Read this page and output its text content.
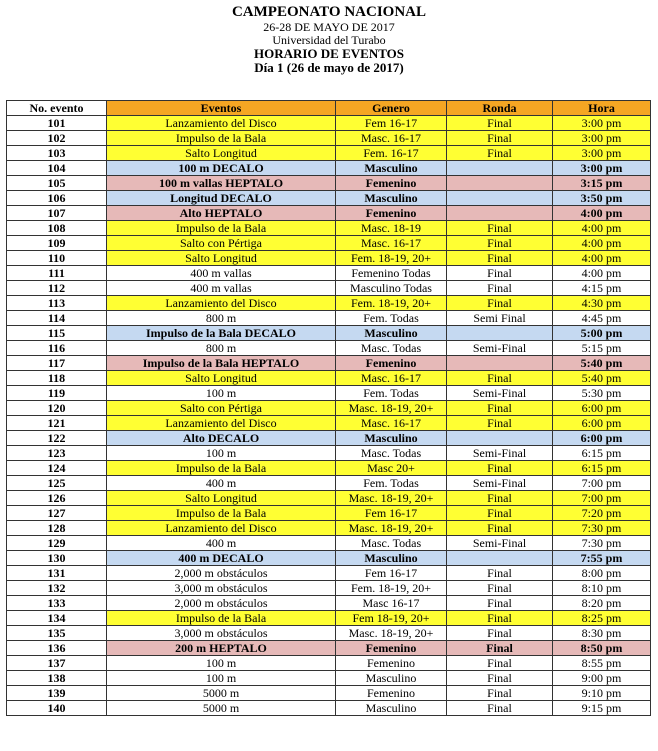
CAMPEONATO NACIONAL
26-28 DE MAYO DE 2017
Universidad del Turabo
HORARIO DE EVENTOS
Día 1 (26 de mayo de 2017)
No. evento	Eventos	Genero	Ronda	Hora
101	Lanzamiento del Disco	Fem 16-17	Final	3:00 pm
102	Impulso de la Bala	Masc. 16-17	Final	3:00 pm
103	Salto Longitud	Fem. 16-17	Final	3:00 pm
104	100 m DECALO	Masculino		3:00 pm
105	100 m vallas HEPTALO	Femenino		3:15 pm
106	Longitud DECALO	Masculino		3:50 pm
107	Alto HEPTALO	Femenino		4:00 pm
108	Impulso de la Bala	Masc. 18-19	Final	4:00 pm
109	Salto con Pértiga	Masc. 16-17	Final	4:00 pm
110	Salto Longitud	Fem. 18-19, 20+	Final	4:00 pm
111	400 m vallas	Femenino Todas	Final	4:00 pm
112	400 m vallas	Masculino Todas	Final	4:15 pm
113	Lanzamiento del Disco	Fem. 18-19, 20+	Final	4:30 pm
114	800 m	Fem. Todas	Semi Final	4:45 pm
115	Impulso de la Bala DECALO	Masculino		5:00 pm
116	800 m	Masc. Todas	Semi-Final	5:15 pm
117	Impulso de la Bala HEPTALO	Femenino		5:40 pm
118	Salto Longitud	Masc. 16-17	Final	5:40 pm
119	100 m	Fem. Todas	Semi-Final	5:30 pm
120	Salto con Pértiga	Masc. 18-19, 20+	Final	6:00 pm
121	Lanzamiento del Disco	Masc. 16-17	Final	6:00 pm
122	Alto DECALO	Masculino		6:00 pm
123	100 m	Masc. Todas	Semi-Final	6:15 pm
124	Impulso de la Bala	Masc 20+	Final	6:15 pm
125	400 m	Fem. Todas	Semi-Final	7:00 pm
126	Salto Longitud	Masc. 18-19, 20+	Final	7:00 pm
127	Impulso de la Bala	Fem 16-17	Final	7:20 pm
128	Lanzamiento del Disco	Masc. 18-19, 20+	Final	7:30 pm
129	400 m	Masc. Todas	Semi-Final	7:30 pm
130	400 m DECALO	Masculino		7:55 pm
131	2,000 m obstáculos	Fem 16-17	Final	8:00 pm
132	3,000 m obstáculos	Fem. 18-19, 20+	Final	8:10 pm
133	2,000 m obstáculos	Masc 16-17	Final	8:20 pm
134	Impulso de la Bala	Fem 18-19, 20+	Final	8:25 pm
135	3,000 m obstáculos	Masc. 18-19, 20+	Final	8:30 pm
136	200 m HEPTALO	Femenino	Final	8:50 pm
137	100 m	Femenino	Final	8:55 pm
138	100 m	Masculino	Final	9:00 pm
139	5000 m	Femenino	Final	9:10 pm
140	5000 m	Masculino	Final	9:15 pm
